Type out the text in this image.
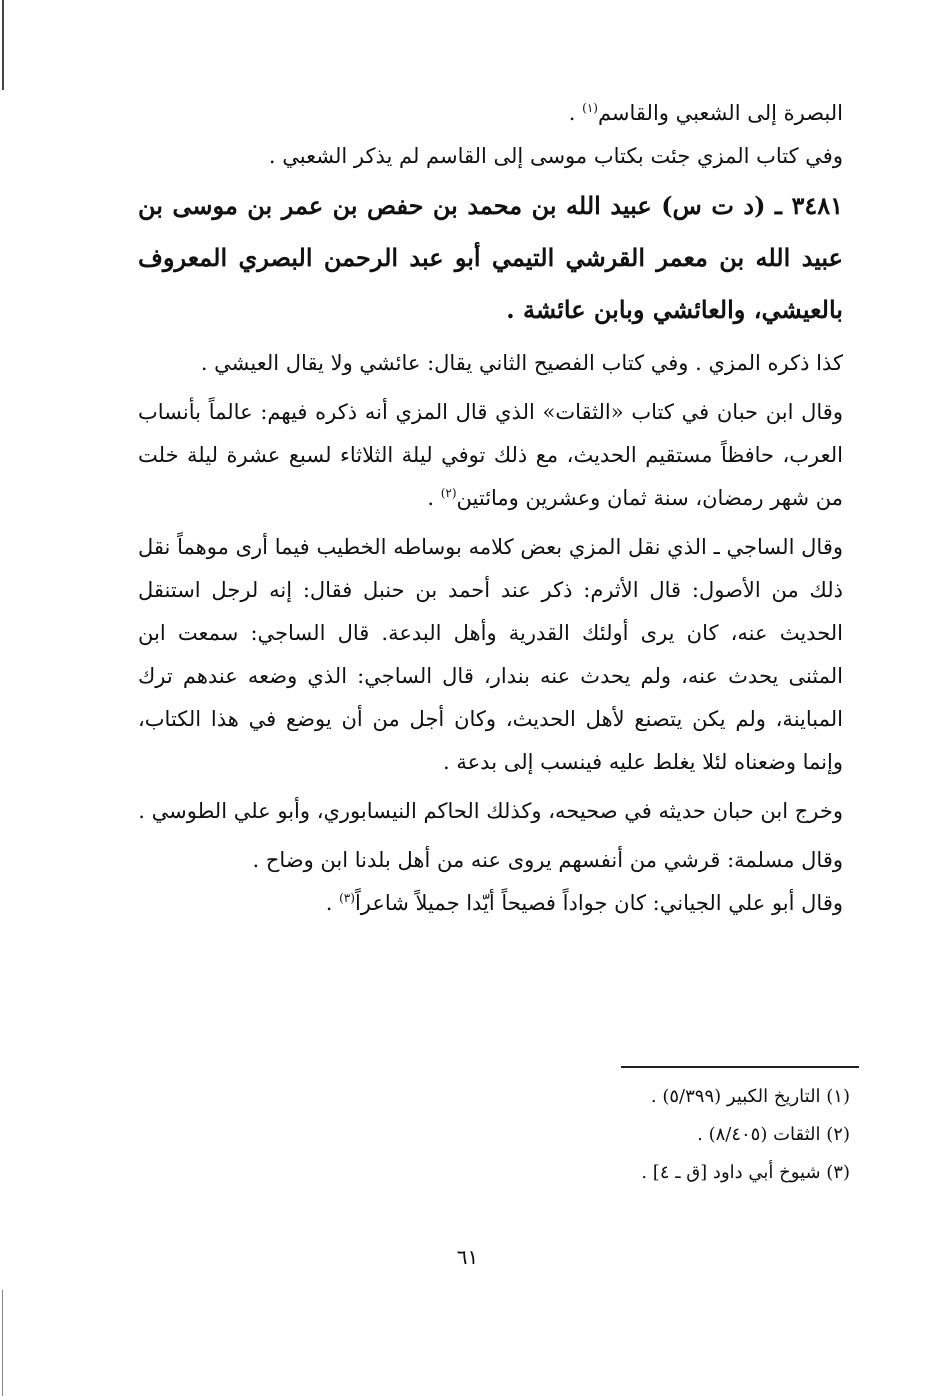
البصرة إلى الشعبي والقاسم$^{(١)}$ .

وفي كتاب المزي جئت بكتاب موسى إلى القاسم لم يذكر الشعبي .

٣٤٨١ ـ (د ت س) عبيد الله بن محمد بن حفص بن عمر بن موسى بن عبيد الله بن معمر القرشي التيمي أبو عبد الرحمن البصري المعروف بالعيشي، والعائشي وبابن عائشة .

كذا ذكره المزي . وفي كتاب الفصيح الثاني يقال: عائشي ولا يقال العيشي .

وقال ابن حبان في كتاب «الثقات» الذي قال المزي أنه ذكره فيهم: عالماً بأنساب العرب، حافظاً مستقيم الحديث، مع ذلك توفي ليلة الثلاثاء لسبع عشرة ليلة خلت من شهر رمضان، سنة ثمان وعشرين ومائتين$^{(٢)}$ .

وقال الساجي ـ الذي نقل المزي بعض كلامه بوساطه الخطيب فيما أرى موهماً نقل ذلك من الأصول: قال الأثرم: ذكر عند أحمد بن حنبل فقال: إنه لرجل استنقل الحديث عنه، كان يرى أولئك القدرية وأهل البدعة. قال الساجي: سمعت ابن المثنى يحدث عنه، ولم يحدث عنه بندار، قال الساجي: الذي وضعه عندهم ترك المباينة، ولم يكن يتصنع لأهل الحديث، وكان أجل من أن يوضع في هذا الكتاب، وإنما وضعناه لئلا يغلط عليه فينسب إلى بدعة .

وخرج ابن حبان حديثه في صحيحه، وكذلك الحاكم النيسابوري، وأبو علي الطوسي .

وقال مسلمة: قرشي من أنفسهم يروى عنه من أهل بلدنا ابن وضاح .

وقال أبو علي الجياني: كان جواداً فصيحاً أيّدا جميلاً شاعراً$^{(٣)}$ .

(١) التاريخ الكبير (٥/٣٩٩) .

(٢) الثقات (٨/٤٠٥) .

(٣) شيوخ أبي داود [ق ـ ٤] .

٦١
